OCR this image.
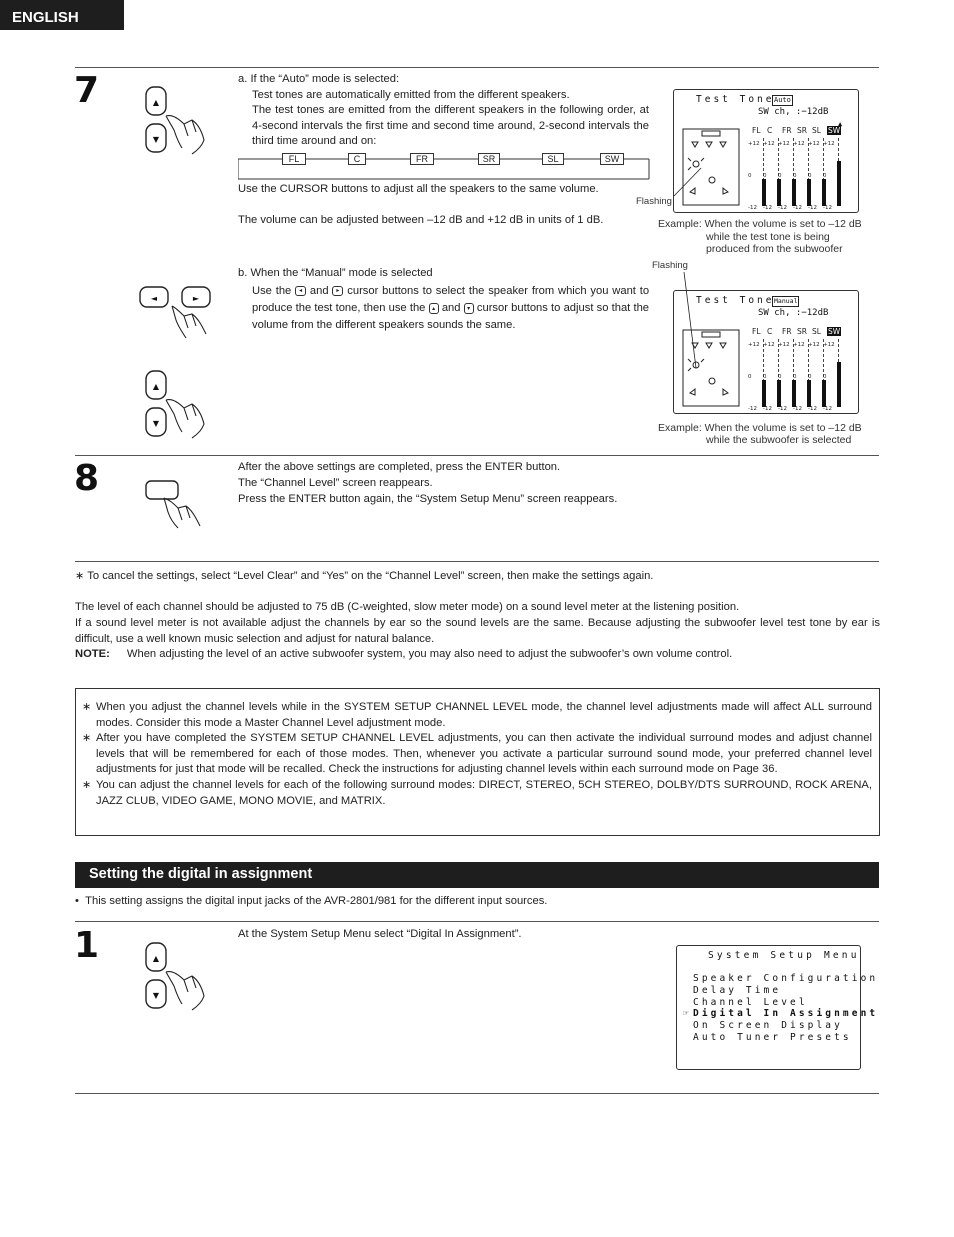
ENGLISH
7	▲
▼
a. If the “Auto” mode is selected:
Test tones are automatically emitted from the different speakers.
The test tones are emitted from the different speakers in the following order, at 4-second intervals the first time and second time around, 2-second intervals the third time around and on:
FL	C	FR	SR	SL	SW
Use the CURSOR buttons to adjust all the speakers to the same volume.
The volume can be adjusted between –12 dB and +12 dB in units of 1 dB.
Test Tone Auto
SW ch, :−12dB
FL
+12
0
-12
C
+12
0
-12
FR
+12
0
-12
SR
+12
0
-12
SL
+12
0
-12
SW
+12
0
-12
▲
Flashing
Example: When the volume is set to –12 dB
while the test tone is being
produced from the subwoofer
b. When the “Manual” mode is selected
Use the ◂ and ▸ cursor buttons to select the speaker from which you want to produce the test tone, then use the ▴ and ▾ cursor buttons to adjust so that the volume from the different speakers sounds the same.
◄	►
▲
▼
Flashing
Test Tone Manual
SW ch, :−12dB
FL
+12
0
-12
C
+12
0
-12
FR
+12
0
-12
SR
+12
0
-12
SL
+12
0
-12
SW
+12
0
-12
Example: When the volume is set to –12 dB
while the subwoofer is selected
8	After the above settings are completed, press the ENTER button.
The “Channel Level” screen reappears.
Press the ENTER button again, the “System Setup Menu” screen reappears.
∗ To cancel the settings, select “Level Clear” and “Yes” on the “Channel Level” screen, then make the settings again.
The level of each channel should be adjusted to 75 dB (C-weighted, slow meter mode) on a sound level meter at the listening position.
If a sound level meter is not available adjust the channels by ear so the sound levels are the same. Because adjusting the subwoofer level test tone by ear is difficult, use a well known music selection and adjust for natural balance.
NOTE: When adjusting the level of an active subwoofer system, you may also need to adjust the subwoofer’s own volume control.
∗ When you adjust the channel levels while in the SYSTEM SETUP CHANNEL LEVEL mode, the channel level adjustments made will affect ALL surround modes. Consider this mode a Master Channel Level adjustment mode.
∗ After you have completed the SYSTEM SETUP CHANNEL LEVEL adjustments, you can then activate the individual surround modes and adjust channel levels that will be remembered for each of those modes. Then, whenever you activate a particular surround sound mode, your preferred channel level adjustments for just that mode will be recalled. Check the instructions for adjusting channel levels within each surround mode on Page 36.
∗ You can adjust the channel levels for each of the following surround modes: DIRECT, STEREO, 5CH STEREO, DOLBY/DTS SURROUND, ROCK ARENA, JAZZ CLUB, VIDEO GAME, MONO MOVIE, and MATRIX.
Setting the digital in assignment
•  This setting assigns the digital input jacks of the AVR-2801/981 for the different input sources.
1	▲
▼
At the System Setup Menu select “Digital In Assignment”.
System Setup Menu
Speaker Configuration
Delay Time
Channel Level
☞ Digital In Assignment
On Screen Display
Auto Tuner Presets
